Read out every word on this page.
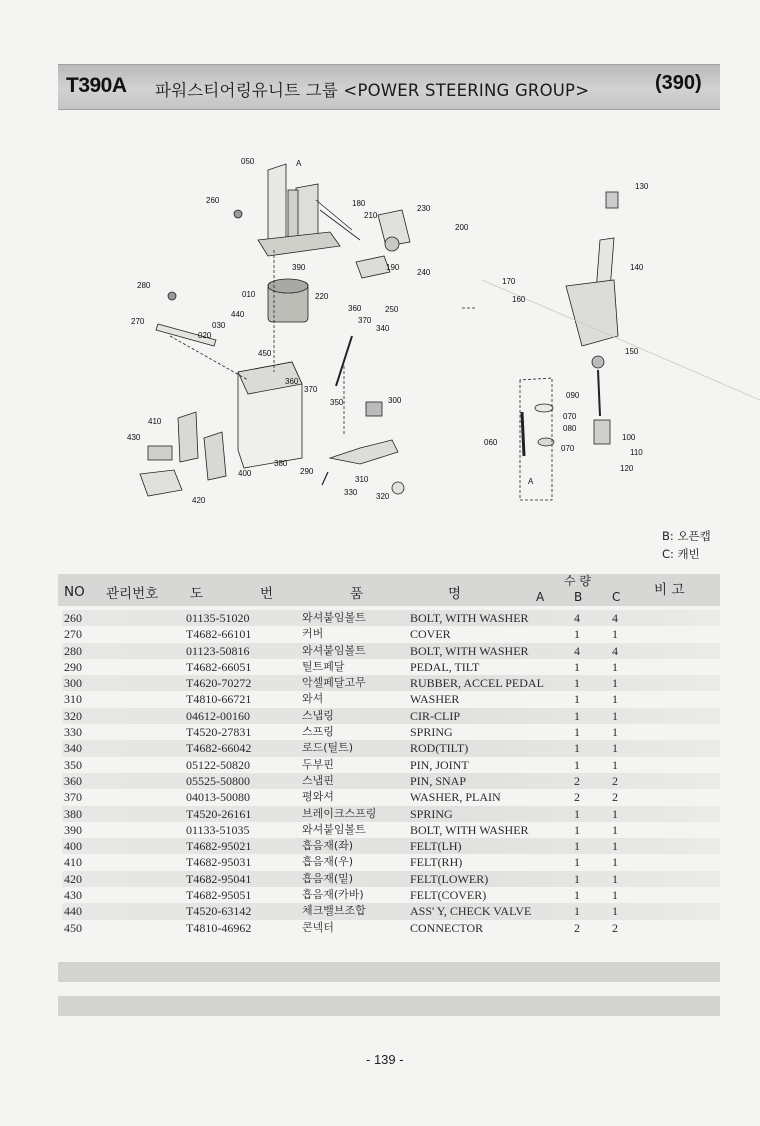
T390A 파워스티어링유니트 그룹 <POWER STEERING GROUP>	(390)
050	A
260	180
210
230
200
390	190
240
010	220
250
280
360
370
340
270
440
030
020
450
360
370
350	300
410
430
400
380
290
310
330 320
420
130
140
170
160
150
090
070
080
060
070
100
110
120
A
B: 오픈캡
C: 캐빈
NO 관리번호 도	번	품	명
수 량
A B C 비 고
260	01135-51020	와셔붙임볼트	BOLT, WITH WASHER	4	4
270	T4682-66101	커버	COVER	1	1
280	01123-50816	와셔붙임볼트	BOLT, WITH WASHER	4	4
290	T4682-66051	틸트페달	PEDAL, TILT	1	1
300	T4620-70272	악셀페달고무	RUBBER, ACCEL PEDAL	1	1
310	T4810-66721	와셔	WASHER	1	1
320	04612-00160	스냅링	CIR-CLIP	1	1
330	T4520-27831	스프링	SPRING	1	1
340	T4682-66042	로드(틸트)	ROD(TILT)	1	1
350	05122-50820	두부핀	PIN, JOINT	1	1
360	05525-50800	스냅핀	PIN, SNAP	2	2
370	04013-50080	평와셔	WASHER, PLAIN	2	2
380	T4520-26161	브레이크스프링	SPRING	1	1
390	01133-51035	와셔붙임볼트	BOLT, WITH WASHER	1	1
400	T4682-95021	흡음재(좌)	FELT(LH)	1	1
410	T4682-95031	흡음재(우)	FELT(RH)	1	1
420	T4682-95041	흡음재(밑)	FELT(LOWER)	1	1
430	T4682-95051	흡음재(카바)	FELT(COVER)	1	1
440	T4520-63142	체크밸브조합	ASS' Y, CHECK VALVE	1	1
450	T4810-46962	콘넥터	CONNECTOR	2	2
- 139 -
